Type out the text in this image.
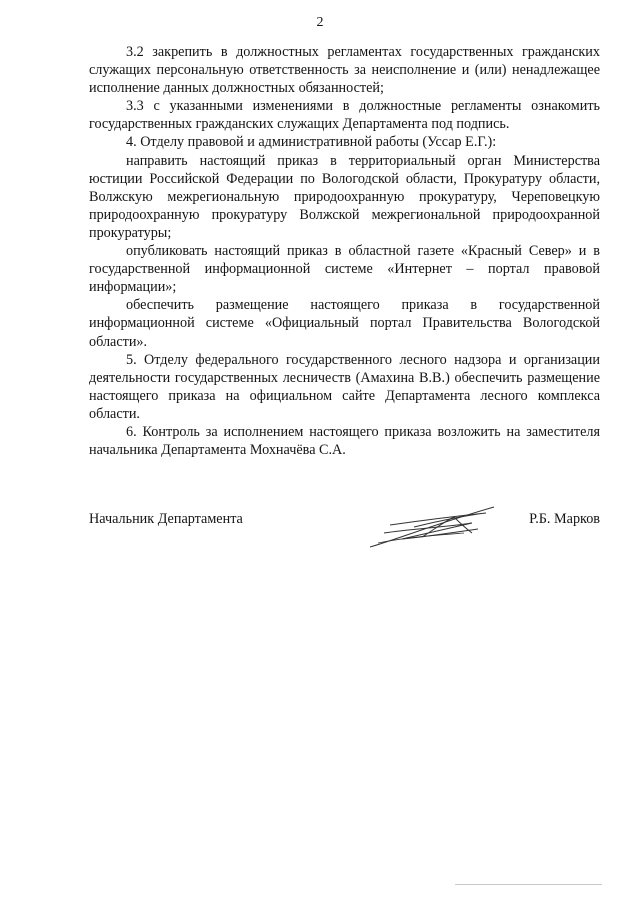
2

3.2 закрепить в должностных регламентах государственных гражданских служащих персональную ответственность за неисполнение и (или) ненадлежащее исполнение данных должностных обязанностей;

3.3 с указанными изменениями в должностные регламенты ознакомить государственных гражданских служащих Департамента под подпись.

4. Отделу правовой и административной работы (Уссар Е.Г.):

направить настоящий приказ в территориальный орган Министерства юстиции Российской Федерации по Вологодской области, Прокуратуру области, Волжскую межрегиональную природоохранную прокуратуру, Череповецкую природоохранную прокуратуру Волжской межрегиональной природоохранной прокуратуры;

опубликовать настоящий приказ в областной газете «Красный Север» и в государственной информационной системе «Интернет – портал правовой информации»;

обеспечить размещение настоящего приказа в государственной информационной системе «Официальный портал Правительства Вологодской области».

5. Отделу федерального государственного лесного надзора и организации деятельности государственных лесничеств (Амахина В.В.) обеспечить размещение настоящего приказа на официальном сайте Департамента лесного комплекса области.

6. Контроль за исполнением настоящего приказа возложить на заместителя начальника Департамента Мохначёва С.А.

Начальник Департамента	Р.Б. Марков
